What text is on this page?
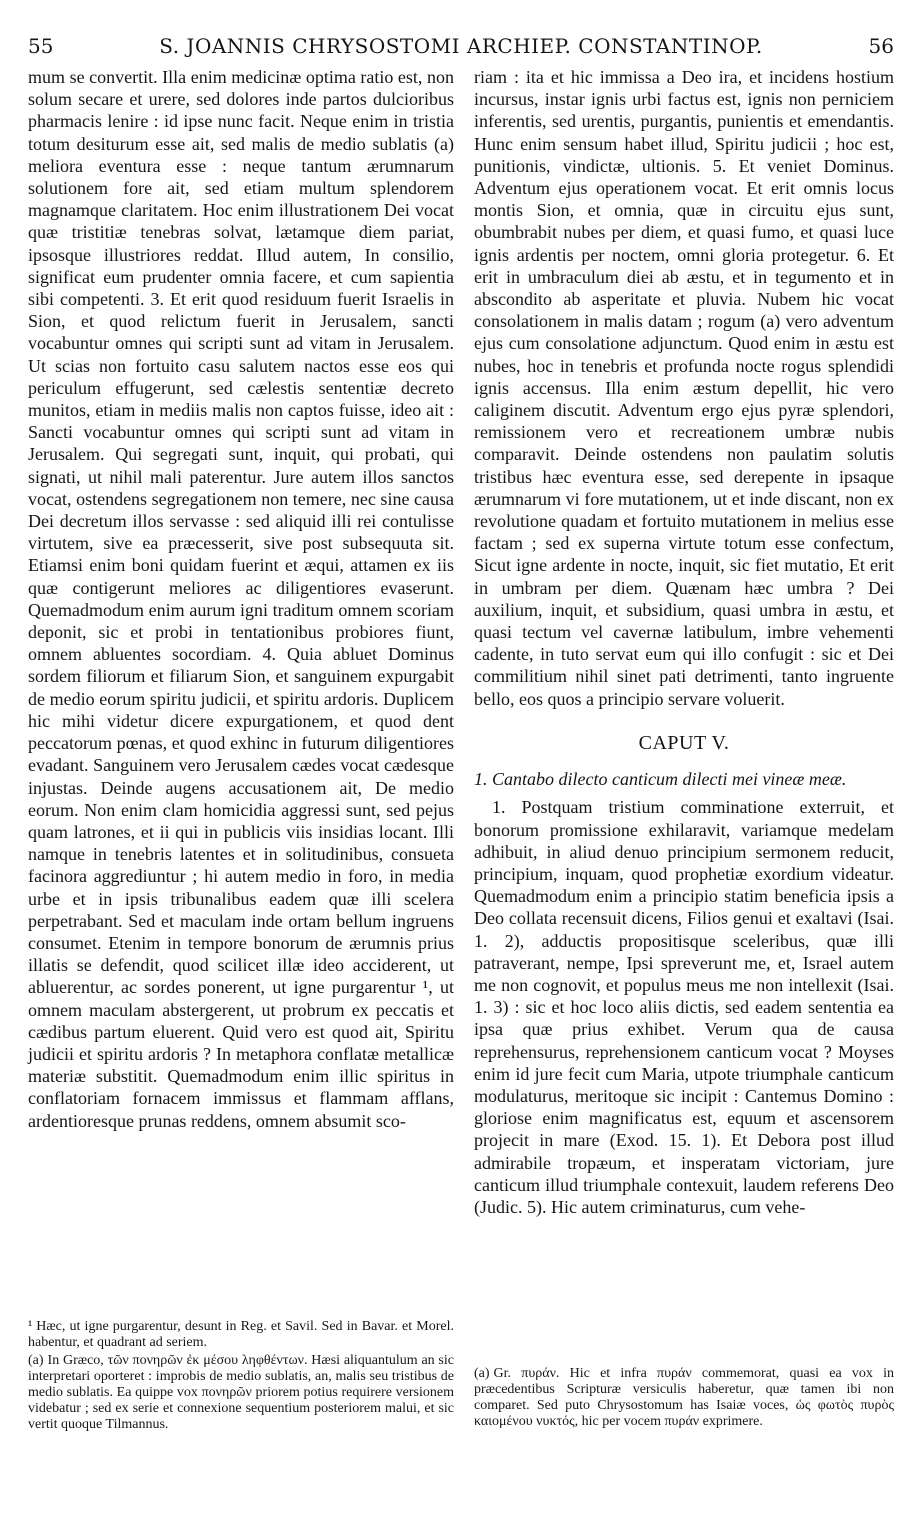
55	S. JOANNIS CHRYSOSTOMI ARCHIEP. CONSTANTINOP.	56

mum se convertit. Illa enim medicinæ optima ratio est, non solum secare et urere, sed dolores inde partos dulcioribus pharmacis lenire : id ipse nunc facit. Neque enim in tristia totum desiturum esse ait, sed malis de medio sublatis (a) meliora eventura esse : neque tantum ærumnarum solutionem fore ait, sed etiam multum splendorem magnamque claritatem. Hoc enim illustrationem Dei vocat quæ tristitiæ tenebras solvat, lætamque diem pariat, ipsosque illustriores reddat. Illud autem, In consilio, significat eum prudenter omnia facere, et cum sapientia sibi competenti. 3. Et erit quod residuum fuerit Israelis in Sion, et quod relictum fuerit in Jerusalem, sancti vocabuntur omnes qui scripti sunt ad vitam in Jerusalem. Ut scias non fortuito casu salutem nactos esse eos qui periculum effugerunt, sed cælestis sententiæ decreto munitos, etiam in mediis malis non captos fuisse, ideo ait : Sancti vocabuntur omnes qui scripti sunt ad vitam in Jerusalem. Qui segregati sunt, inquit, qui probati, qui signati, ut nihil mali paterentur. Jure autem illos sanctos vocat, ostendens segregationem non temere, nec sine causa Dei decretum illos servasse : sed aliquid illi rei contulisse virtutem, sive ea præcesserit, sive post subsequuta sit. Etiamsi enim boni quidam fuerint et æqui, attamen ex iis quæ contigerunt meliores ac diligentiores evaserunt. Quemadmodum enim aurum igni traditum omnem scoriam deponit, sic et probi in tentationibus probiores fiunt, omnem abluentes socordiam. 4. Quia abluet Dominus sordem filiorum et filiarum Sion, et sanguinem expurgabit de medio eorum spiritu judicii, et spiritu ardoris. Duplicem hic mihi videtur dicere expurgationem, et quod dent peccatorum pœnas, et quod exhinc in futurum diligentiores evadant. Sanguinem vero Jerusalem cædes vocat cædesque injustas. Deinde augens accusationem ait, De medio eorum. Non enim clam homicidia aggressi sunt, sed pejus quam latrones, et ii qui in publicis viis insidias locant. Illi namque in tenebris latentes et in solitudinibus, consueta facinora aggrediuntur ; hi autem medio in foro, in media urbe et in ipsis tribunalibus eadem quæ illi scelera perpetrabant. Sed et maculam inde ortam bellum ingruens consumet. Etenim in tempore bonorum de ærumnis prius illatis se defendit, quod scilicet illæ ideo acciderent, ut abluerentur, ac sordes ponerent, ut igne purgarentur ¹, ut omnem maculam abstergerent, ut probrum ex peccatis et cædibus partum eluerent. Quid vero est quod ait, Spiritu judicii et spiritu ardoris ? In metaphora conflatæ metallicæ materiæ substitit. Quemadmodum enim illic spiritus in conflatoriam fornacem immissus et flammam afflans, ardentioresque prunas reddens, omnem absumit sco-

riam : ita et hic immissa a Deo ira, et incidens hostium incursus, instar ignis urbi factus est, ignis non perniciem inferentis, sed urentis, purgantis, punientis et emendantis. Hunc enim sensum habet illud, Spiritu judicii ; hoc est, punitionis, vindictæ, ultionis. 5. Et veniet Dominus. Adventum ejus operationem vocat. Et erit omnis locus montis Sion, et omnia, quæ in circuitu ejus sunt, obumbrabit nubes per diem, et quasi fumo, et quasi luce ignis ardentis per noctem, omni gloria protegetur. 6. Et erit in umbraculum diei ab æstu, et in tegumento et in abscondito ab asperitate et pluvia. Nubem hic vocat consolationem in malis datam ; rogum (a) vero adventum ejus cum consolatione adjunctum. Quod enim in æstu est nubes, hoc in tenebris et profunda nocte rogus splendidi ignis accensus. Illa enim æstum depellit, hic vero caliginem discutit. Adventum ergo ejus pyræ splendori, remissionem vero et recreationem umbræ nubis comparavit. Deinde ostendens non paulatim solutis tristibus hæc eventura esse, sed derepente in ipsaque ærumnarum vi fore mutationem, ut et inde discant, non ex revolutione quadam et fortuito mutationem in melius esse factam ; sed ex superna virtute totum esse confectum, Sicut igne ardente in nocte, inquit, sic fiet mutatio, Et erit in umbram per diem. Quænam hæc umbra ? Dei auxilium, inquit, et subsidium, quasi umbra in æstu, et quasi tectum vel cavernæ latibulum, imbre vehementi cadente, in tuto servat eum qui illo confugit : sic et Dei commilitium nihil sinet pati detrimenti, tanto ingruente bello, eos quos a principio servare voluerit.

CAPUT V.

1. Cantabo dilecto canticum dilecti mei vineæ meæ.

1. Postquam tristium comminatione exterruit, et bonorum promissione exhilaravit, variamque medelam adhibuit, in aliud denuo principium sermonem reducit, principium, inquam, quod prophetiæ exordium videatur. Quemadmodum enim a principio statim beneficia ipsis a Deo collata recensuit dicens, Filios genui et exaltavi (Isai. 1. 2), adductis propositisque sceleribus, quæ illi patraverant, nempe, Ipsi spreverunt me, et, Israel autem me non cognovit, et populus meus me non intellexit (Isai. 1. 3) : sic et hoc loco aliis dictis, sed eadem sententia ea ipsa quæ prius exhibet. Verum qua de causa reprehensurus, reprehensionem canticum vocat ? Moyses enim id jure fecit cum Maria, utpote triumphale canticum modulaturus, meritoque sic incipit : Cantemus Domino : gloriose enim magnificatus est, equum et ascensorem projecit in mare (Exod. 15. 1). Et Debora post illud admirabile tropæum, et insperatam victoriam, jure canticum illud triumphale contexuit, laudem referens Deo (Judic. 5). Hic autem criminaturus, cum vehe-

¹ Hæc, ut igne purgarentur, desunt in Reg. et Savil. Sed in Bavar. et Morel. habentur, et quadrant ad seriem.

(a) In Græco, τῶν πονηρῶν ἐκ μέσου ληφθέντων. Hæsi aliquantulum an sic interpretari oporteret : improbis de medio sublatis, an, malis seu tristibus de medio sublatis. Ea quippe vox πονηρῶν priorem potius requirere versionem videbatur ; sed ex serie et connexione sequentium posteriorem malui, et sic vertit quoque Tilmannus.

(a) Gr. πυράν. Hic et infra πυράν commemorat, quasi ea vox in præcedentibus Scripturæ versiculis haberetur, quæ tamen ibi non comparet. Sed puto Chrysostomum has Isaiæ voces, ὡς φωτὸς πυρὸς καιομένου νυκτός, hic per vocem πυράν exprimere.
